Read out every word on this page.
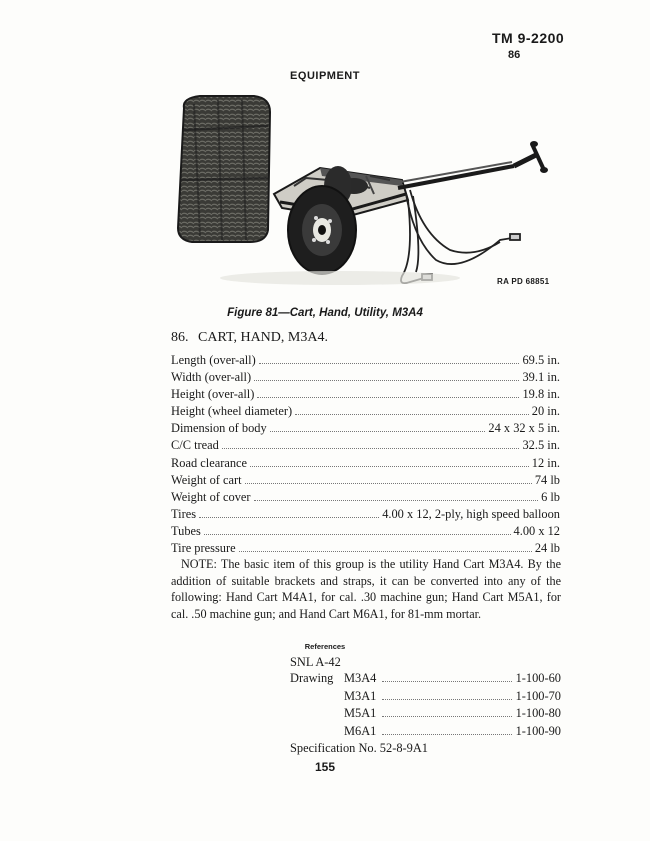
TM 9-2200
86
EQUIPMENT
RA PD 68851
Figure 81—Cart, Hand, Utility, M3A4
86. CART, HAND, M3A4.
Length (over-all)	69.5 in.
Width (over-all)	39.1 in.
Height (over-all)	19.8 in.
Height (wheel diameter)	20 in.
Dimension of body	24 x 32 x 5 in.
C/C tread	32.5 in.
Road clearance	12 in.
Weight of cart	74 lb
Weight of cover	6 lb
Tires	4.00 x 12, 2-ply, high speed balloon
Tubes	4.00 x 12
Tire pressure	24 lb
NOTE: The basic item of this group is the utility Hand Cart M3A4. By the addition of suitable brackets and straps, it can be converted into any of the following: Hand Cart M4A1, for cal. .30 machine gun; Hand Cart M5A1, for cal. .50 machine gun; and Hand Cart M6A1, for 81-mm mortar.
References
SNL A-42
Drawing M3A4	1-100-60
M3A1	1-100-70
M5A1	1-100-80
M6A1	1-100-90
Specification No. 52-8-9A1
155
